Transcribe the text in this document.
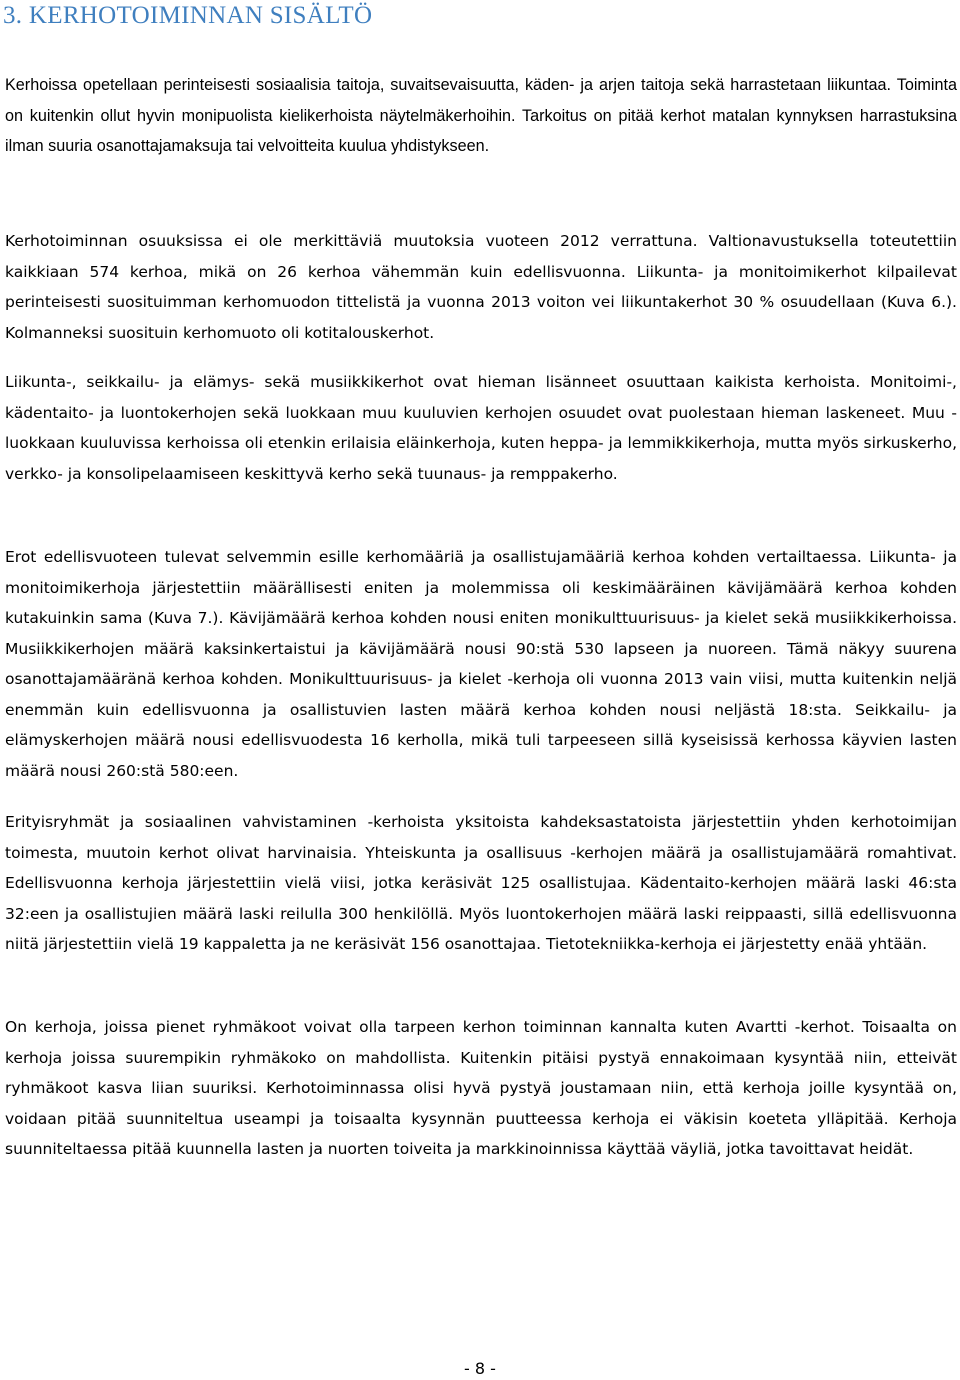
3. KERHOTOIMINNAN SISÄLTÖ

Kerhoissa opetellaan perinteisesti sosiaalisia taitoja, suvaitsevaisuutta, käden- ja arjen taitoja sekä harrastetaan liikuntaa. Toiminta on kuitenkin ollut hyvin monipuolista kielikerhoista näytelmäkerhoihin. Tarkoitus on pitää kerhot matalan kynnyksen harrastuksina ilman suuria osanottajamaksuja tai velvoitteita kuulua yhdistykseen.

Kerhotoiminnan osuuksissa ei ole merkittäviä muutoksia vuoteen 2012 verrattuna. Valtionavustuksella toteutettiin kaikkiaan 574 kerhoa, mikä on 26 kerhoa vähemmän kuin edellisvuonna. Liikunta- ja monitoimikerhot kilpailevat perinteisesti suosituimman kerhomuodon tittelistä ja vuonna 2013 voiton vei liikuntakerhot 30 % osuudellaan (Kuva 6.). Kolmanneksi suosituin kerhomuoto oli kotitalouskerhot.

Liikunta-, seikkailu- ja elämys- sekä musiikkikerhot ovat hieman lisänneet osuuttaan kaikista kerhoista. Monitoimi-, kädentaito- ja luontokerhojen sekä luokkaan muu kuuluvien kerhojen osuudet ovat puolestaan hieman laskeneet. Muu -luokkaan kuuluvissa kerhoissa oli etenkin erilaisia eläinkerhoja, kuten heppa- ja lemmikkikerhoja, mutta myös sirkuskerho, verkko- ja konsolipelaamiseen keskittyvä kerho sekä tuunaus- ja remppakerho.

Erot edellisvuoteen tulevat selvemmin esille kerhomääriä ja osallistujamääriä kerhoa kohden vertailtaessa. Liikunta- ja monitoimikerhoja järjestettiin määrällisesti eniten ja molemmissa oli keskimääräinen kävijämäärä kerhoa kohden kutakuinkin sama (Kuva 7.). Kävijämäärä kerhoa kohden nousi eniten monikulttuurisuus- ja kielet sekä musiikkikerhoissa. Musiikkikerhojen määrä kaksinkertaistui ja kävijämäärä nousi 90:stä 530 lapseen ja nuoreen. Tämä näkyy suurena osanottajamääränä kerhoa kohden. Monikulttuurisuus- ja kielet -kerhoja oli vuonna 2013 vain viisi, mutta kuitenkin neljä enemmän kuin edellisvuonna ja osallistuvien lasten määrä kerhoa kohden nousi neljästä 18:sta. Seikkailu- ja elämyskerhojen määrä nousi edellisvuodesta 16 kerholla, mikä tuli tarpeeseen sillä kyseisissä kerhossa käyvien lasten määrä nousi 260:stä 580:een.

Erityisryhmät ja sosiaalinen vahvistaminen -kerhoista yksitoista kahdeksastatoista järjestettiin yhden kerhotoimijan toimesta, muutoin kerhot olivat harvinaisia. Yhteiskunta ja osallisuus -kerhojen määrä ja osallistujamäärä romahtivat. Edellisvuonna kerhoja järjestettiin vielä viisi, jotka keräsivät 125 osallistujaa. Kädentaito-kerhojen määrä laski 46:sta 32:een ja osallistujien määrä laski reilulla 300 henkilöllä. Myös luontokerhojen määrä laski reippaasti, sillä edellisvuonna niitä järjestettiin vielä 19 kappaletta ja ne keräsivät 156 osanottajaa. Tietotekniikka-kerhoja ei järjestetty enää yhtään.

On kerhoja, joissa pienet ryhmäkoot voivat olla tarpeen kerhon toiminnan kannalta kuten Avartti -kerhot. Toisaalta on kerhoja joissa suurempikin ryhmäkoko on mahdollista. Kuitenkin pitäisi pystyä ennakoimaan kysyntää niin, etteivät ryhmäkoot kasva liian suuriksi. Kerhotoiminnassa olisi hyvä pystyä joustamaan niin, että kerhoja joille kysyntää on, voidaan pitää suunniteltua useampi ja toisaalta kysynnän puutteessa kerhoja ei väkisin koeteta ylläpitää. Kerhoja suunniteltaessa pitää kuunnella lasten ja nuorten toiveita ja markkinoinnissa käyttää väyliä, jotka tavoittavat heidät.

- 8 -
